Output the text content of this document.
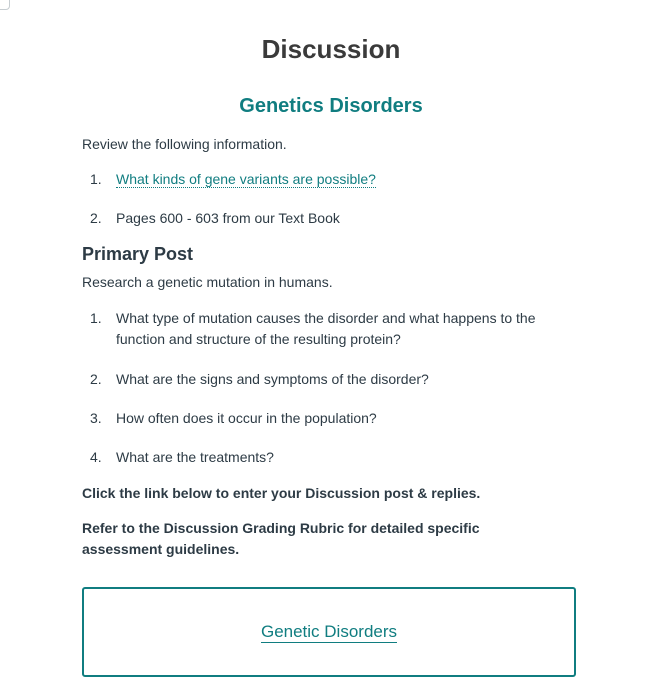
Discussion
Genetics Disorders

Review the following information.

1.	What kinds of gene variants are possible?
2.	Pages 600 - 603 from our Text Book
Primary Post

Research a genetic mutation in humans.

1.	What type of mutation causes the disorder and what happens to the function and structure of the resulting protein?
2.	What are the signs and symptoms of the disorder?
3.	How often does it occur in the population?
4.	What are the treatments?

Click the link below to enter your Discussion post & replies.

Refer to the Discussion Grading Rubric for detailed specific assessment guidelines.

Genetic Disorders
